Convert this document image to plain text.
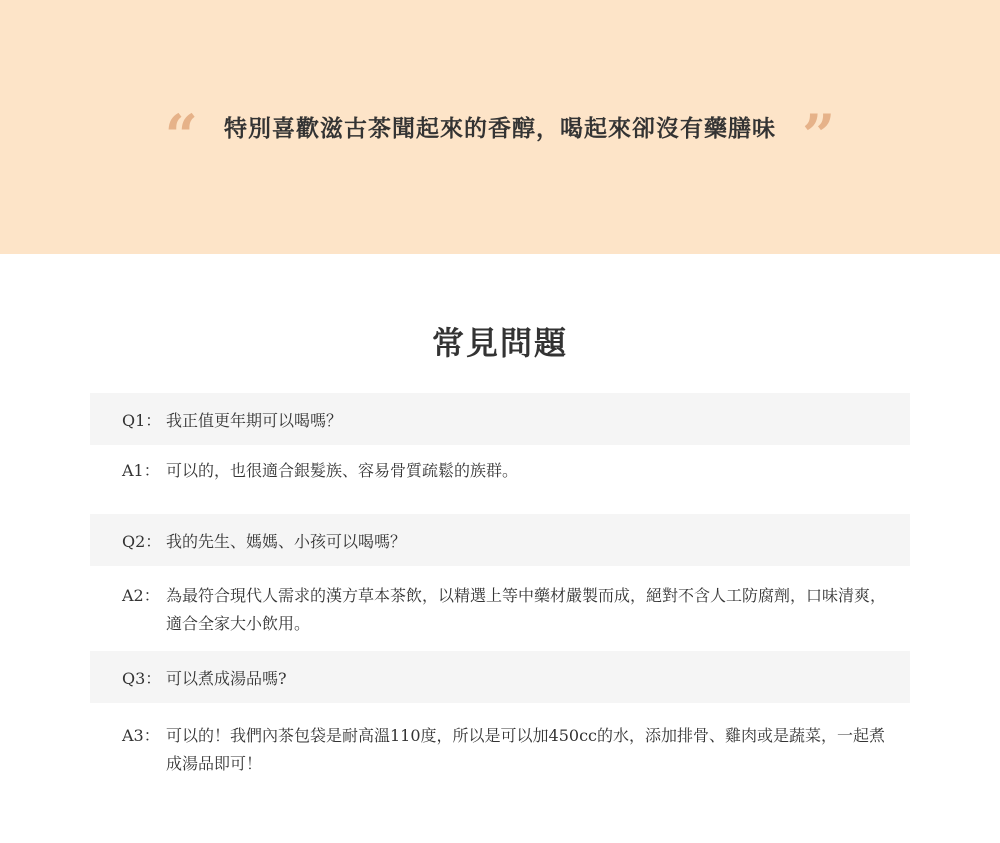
“ 特別喜歡滋古茶聞起來的香醇，喝起來卻沒有藥膳味 ”
常見問題
Q1： 我正值更年期可以喝嗎？
A1： 可以的，也很適合銀髮族、容易骨質疏鬆的族群。
Q2： 我的先生、媽媽、小孩可以喝嗎？
A2： 為最符合現代人需求的漢方草本茶飲，以精選上等中藥材嚴製而成，絕對不含人工防腐劑，口味清爽，適合全家大小飲用。
Q3： 可以煮成湯品嗎?
A3： 可以的！我們內茶包袋是耐高溫110度，所以是可以加450cc的水，添加排骨、雞肉或是蔬菜，一起煮成湯品即可！
